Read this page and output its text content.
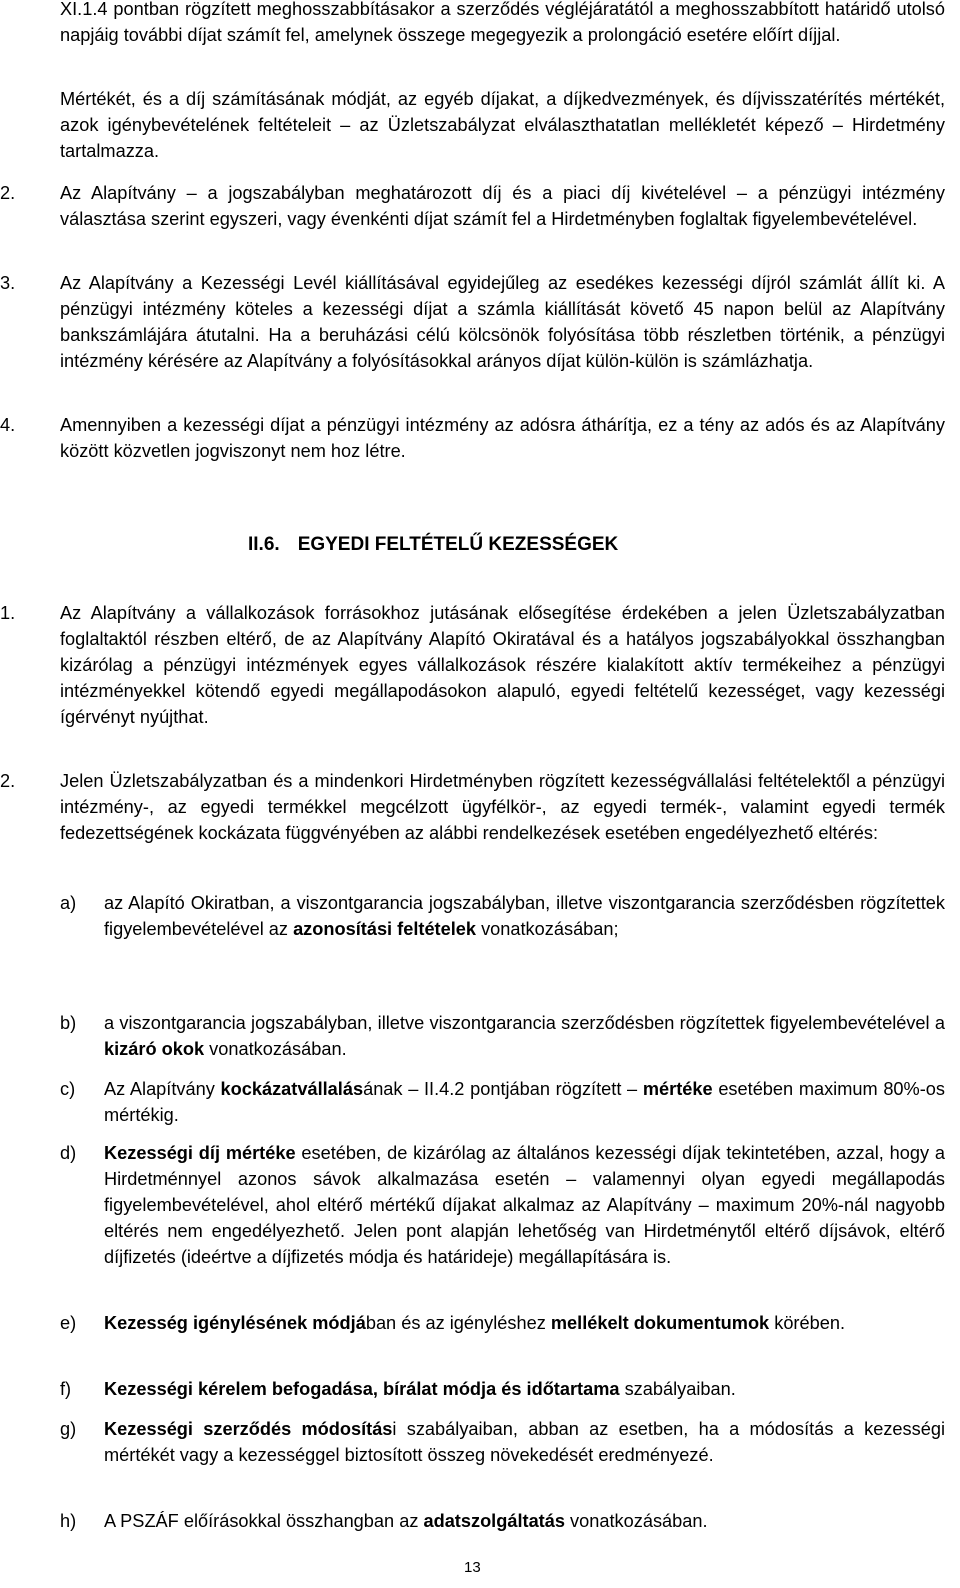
XI.1.4 pontban rögzített meghosszabbításakor a szerződés végléjáratától a meghosszabbított határidő utolsó napjáig további díjat számít fel, amelynek összege megegyezik a prolongáció esetére előírt díjjal.
Mértékét, és a díj számításának módját, az egyéb díjakat, a díjkedvezmények, és díjvisszatérítés mértékét, azok igénybevételének feltételeit – az Üzletszabályzat elválaszthatatlan mellékletét képező – Hirdetmény tartalmazza.
2. Az Alapítvány – a jogszabályban meghatározott díj és a piaci díj kivételével – a pénzügyi intézmény választása szerint egyszeri, vagy évenkénti díjat számít fel a Hirdetményben foglaltak figyelembevételével.
3. Az Alapítvány a Kezességi Levél kiállításával egyidejűleg az esedékes kezességi díjról számlát állít ki. A pénzügyi intézmény köteles a kezességi díjat a számla kiállítását követő 45 napon belül az Alapítvány bankszámlájára átutalni. Ha a beruházási célú kölcsönök folyósítása több részletben történik, a pénzügyi intézmény kérésére az Alapítvány a folyósításokkal arányos díjat külön-külön is számlázhatja.
4. Amennyiben a kezességi díjat a pénzügyi intézmény az adósra áthárítja, ez a tény az adós és az Alapítvány között közvetlen jogviszonyt nem hoz létre.
II.6. EGYEDI FELTÉTELŰ KEZESSÉGEK
1. Az Alapítvány a vállalkozások forrásokhoz jutásának elősegítése érdekében a jelen Üzletszabályzatban foglaltaktól részben eltérő, de az Alapítvány Alapító Okiratával és a hatályos jogszabályokkal összhangban kizárólag a pénzügyi intézmények egyes vállalkozások részére kialakított aktív termékeihez a pénzügyi intézményekkel kötendő egyedi megállapodásokon alapuló, egyedi feltételű kezességet, vagy kezességi ígérvényt nyújthat.
2. Jelen Üzletszabályzatban és a mindenkori Hirdetményben rögzített kezességvállalási feltételektől a pénzügyi intézmény-, az egyedi termékkel megcélzott ügyfélkör-, az egyedi termék-, valamint egyedi termék fedezettségének kockázata függvényében az alábbi rendelkezések esetében engedélyezhető eltérés:
a) az Alapító Okiratban, a viszontgarancia jogszabályban, illetve viszontgarancia szerződésben rögzítettek figyelembevételével az azonosítási feltételek vonatkozásában;
b) a viszontgarancia jogszabályban, illetve viszontgarancia szerződésben rögzítettek figyelembevételével a kizáró okok vonatkozásában.
c) Az Alapítvány kockázatvállalásának – II.4.2 pontjában rögzített – mértéke esetében maximum 80%-os mértékig.
d) Kezességi díj mértéke esetében, de kizárólag az általános kezességi díjak tekintetében, azzal, hogy a Hirdetménnyel azonos sávok alkalmazása esetén – valamennyi olyan egyedi megállapodás figyelembevételével, ahol eltérő mértékű díjakat alkalmaz az Alapítvány – maximum 20%-nál nagyobb eltérés nem engedélyezhető. Jelen pont alapján lehetőség van Hirdetménytől eltérő díjsávok, eltérő díjfizetés (ideértve a díjfizetés módja és határideje) megállapítására is.
e) Kezesség igénylésének módjában és az igényléshez mellékelt dokumentumok körében.
f) Kezességi kérelem befogadása, bírálat módja és időtartama szabályaiban.
g) Kezességi szerződés módosítási szabályaiban, abban az esetben, ha a módosítás a kezességi mértékét vagy a kezességgel biztosított összeg növekedését eredményezé.
h) A PSZÁF előírásokkal összhangban az adatszolgáltatás vonatkozásában.
13
